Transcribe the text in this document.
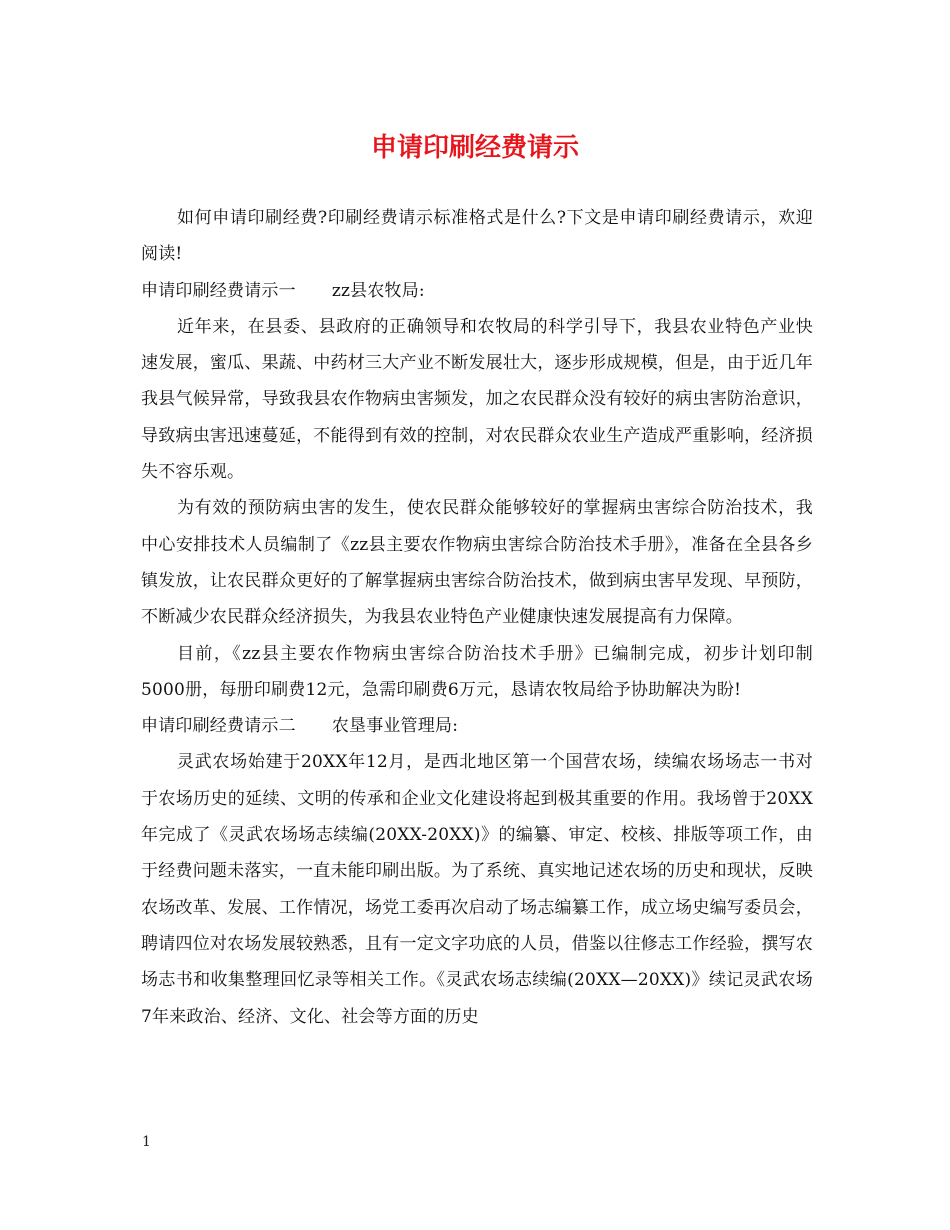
申请印刷经费请示

如何申请印刷经费?印刷经费请示标准格式是什么?下文是申请印刷经费请示，欢迎阅读!

申请印刷经费请示一 zz县农牧局:

近年来，在县委、县政府的正确领导和农牧局的科学引导下，我县农业特色产业快速发展，蜜瓜、果蔬、中药材三大产业不断发展壮大，逐步形成规模，但是，由于近几年我县气候异常，导致我县农作物病虫害频发，加之农民群众没有较好的病虫害防治意识，导致病虫害迅速蔓延，不能得到有效的控制，对农民群众农业生产造成严重影响，经济损失不容乐观。

为有效的预防病虫害的发生，使农民群众能够较好的掌握病虫害综合防治技术，我中心安排技术人员编制了《zz县主要农作物病虫害综合防治技术手册》，准备在全县各乡镇发放，让农民群众更好的了解掌握病虫害综合防治技术，做到病虫害早发现、早预防，不断减少农民群众经济损失，为我县农业特色产业健康快速发展提高有力保障。

目前，《zz县主要农作物病虫害综合防治技术手册》已编制完成，初步计划印制5000册，每册印刷费12元，急需印刷费6万元，恳请农牧局给予协助解决为盼!

申请印刷经费请示二 农垦事业管理局:

灵武农场始建于20XX年12月，是西北地区第一个国营农场，续编农场场志一书对于农场历史的延续、文明的传承和企业文化建设将起到极其重要的作用。我场曾于20XX年完成了《灵武农场场志续编(20XX-20XX)》的编纂、审定、校核、排版等项工作，由于经费问题未落实，一直未能印刷出版。为了系统、真实地记述农场的历史和现状，反映农场改革、发展、工作情况，场党工委再次启动了场志编纂工作，成立场史编写委员会，聘请四位对农场发展较熟悉，且有一定文字功底的人员，借鉴以往修志工作经验，撰写农场志书和收集整理回忆录等相关工作。《灵武农场志续编(20XX—20XX)》续记灵武农场7年来政治、经济、文化、社会等方面的历史

1
